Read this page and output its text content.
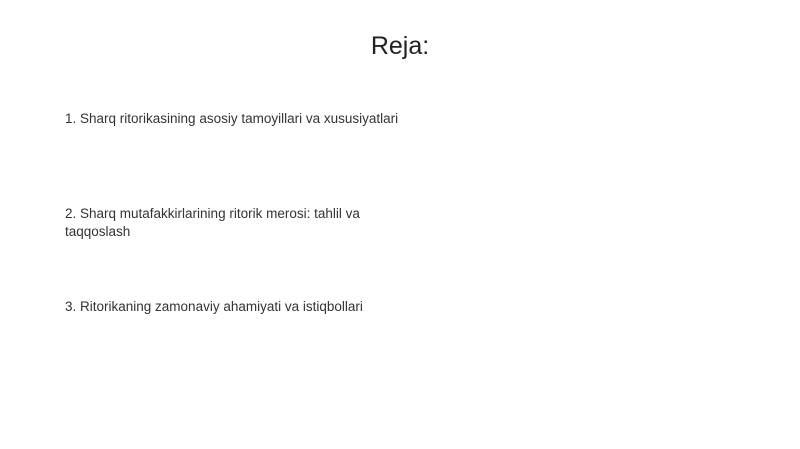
Reja:
1. Sharq ritorikasining asosiy tamoyillari va xususiyatlari
2. Sharq mutafakkirlarining ritorik merosi: tahlil va taqqoslash
3. Ritorikaning zamonaviy ahamiyati va istiqbollari
